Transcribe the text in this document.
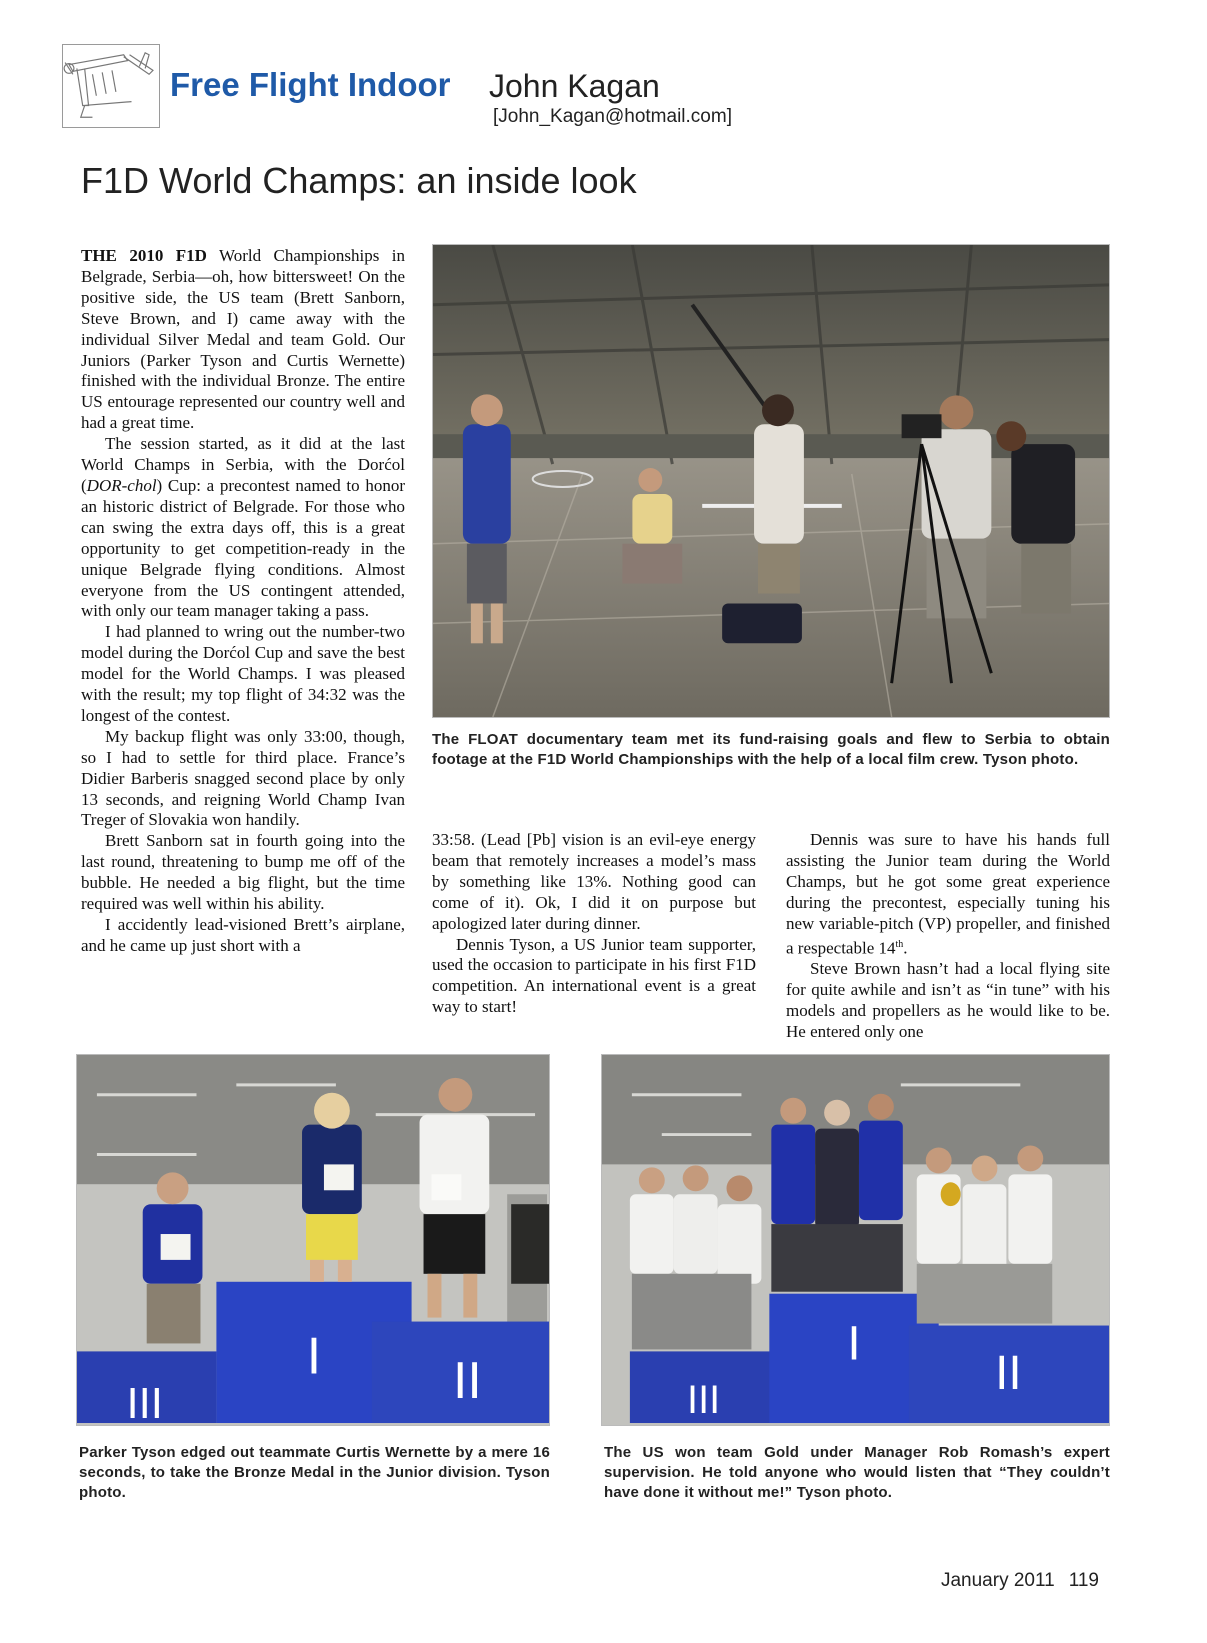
Free Flight Indoor John Kagan
[John_Kagan@hotmail.com]
F1D World Champs: an inside look

THE 2010 F1D World Championships in Belgrade, Serbia—oh, how bittersweet! On the positive side, the US team (Brett Sanborn, Steve Brown, and I) came away with the individual Silver Medal and team Gold. Our Juniors (Parker Tyson and Curtis Wernette) finished with the individual Bronze. The entire US entourage represented our country well and had a great time.

The session started, as it did at the last World Champs in Serbia, with the Dorćol (DOR-chol) Cup: a precontest named to honor an historic district of Belgrade. For those who can swing the extra days off, this is a great opportunity to get competition-ready in the unique Belgrade flying conditions. Almost everyone from the US contingent attended, with only our team manager taking a pass.

I had planned to wring out the number-two model during the Dorćol Cup and save the best model for the World Champs. I was pleased with the result; my top flight of 34:32 was the longest of the contest.

My backup flight was only 33:00, though, so I had to settle for third place. France’s Didier Barberis snagged second place by only 13 seconds, and reigning World Champ Ivan Treger of Slovakia won handily.

Brett Sanborn sat in fourth going into the last round, threatening to bump me off of the bubble. He needed a big flight, but the time required was well within his ability.

I accidently lead-visioned Brett’s airplane, and he came up just short with a

33:58. (Lead [Pb] vision is an evil-eye energy beam that remotely increases a model’s mass by something like 13%. Nothing good can come of it). Ok, I did it on purpose but apologized later during dinner.

Dennis Tyson, a US Junior team supporter, used the occasion to participate in his first F1D competition. An international event is a great way to start!

Dennis was sure to have his hands full assisting the Junior team during the World Champs, but he got some great experience during the precontest, especially tuning his new variable-pitch (VP) propeller, and finished a respectable 14th.

Steve Brown hasn’t had a local flying site for quite awhile and isn’t as “in tune” with his models and propellers as he would like to be. He entered only one

The FLOAT documentary team met its fund-raising goals and flew to Serbia to obtain footage at the F1D World Championships with the help of a local film crew. Tyson photo.
I	II
III
Parker Tyson edged out teammate Curtis Wernette by a mere 16 seconds, to take the Bronze Medal in the Junior division. Tyson photo.
I
II
III
The US won team Gold under Manager Rob Romash’s expert supervision. He told anyone who would listen that “They couldn’t have done it without me!” Tyson photo.
January 2011 119
